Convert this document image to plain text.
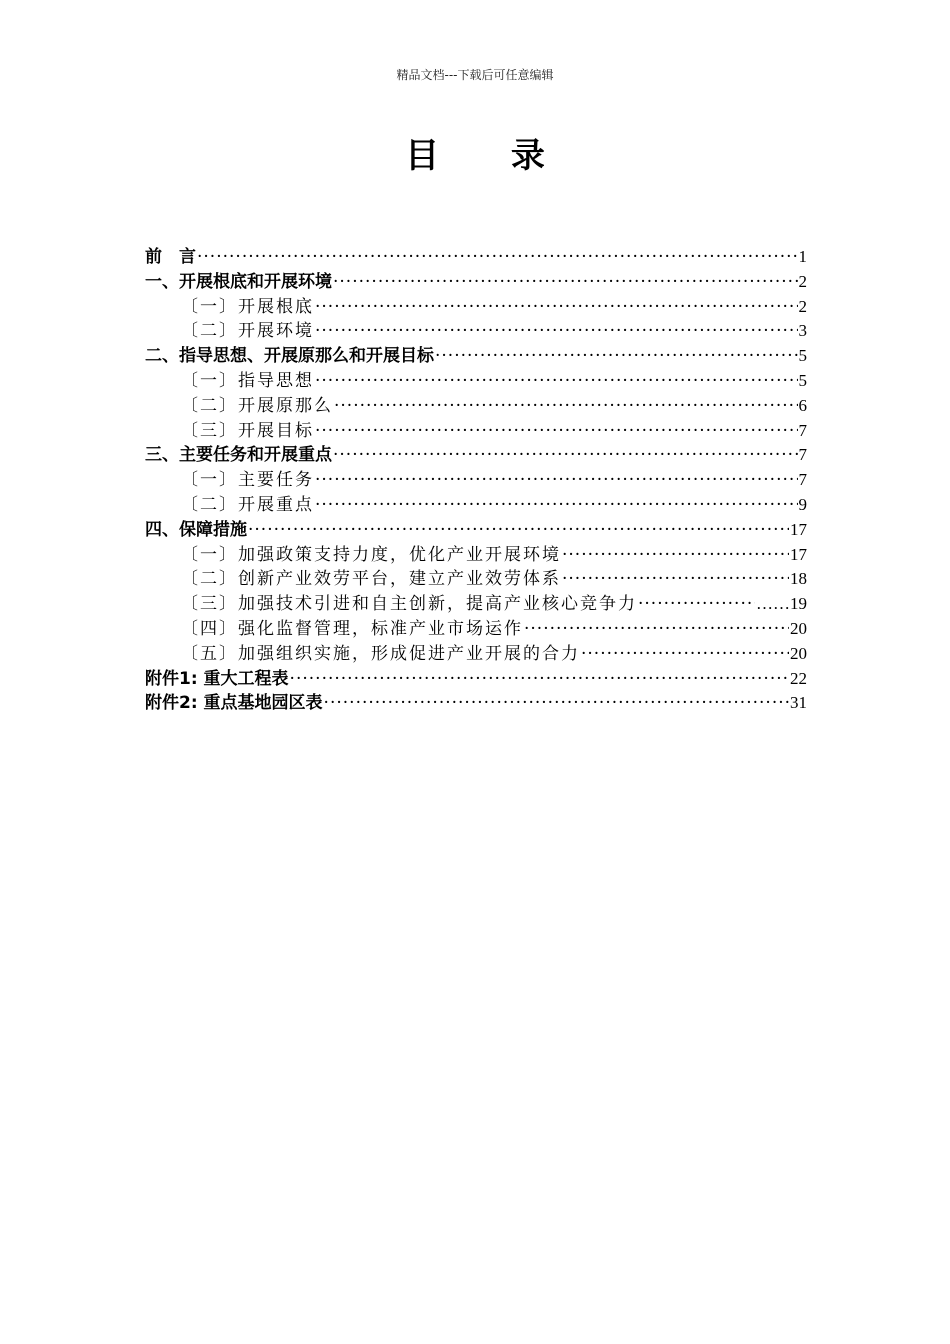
精品文档---下载后可任意编辑
目 录
前　言 ·····	1
一、开展根底和开展环境 ·····	2
〔一〕开展根底 ·····	2
〔二〕开展环境 ·····	3
二、指导思想、开展原那么和开展目标 ·····	5
〔一〕指导思想 ·····	5
〔二〕开展原那么 ·····	6
〔三〕开展目标 ·····	7
三、主要任务和开展重点 ·····	7
〔一〕主要任务 ·····	7
〔二〕开展重点 ·····	9
四、保障措施 ·····	17
〔一〕加强政策支持力度，优化产业开展环境 ·····	17
〔二〕创新产业效劳平台，建立产业效劳体系 ·····	18
〔三〕加强技术引进和自主创新，提高产业核心竞争力 ·····	……19
〔四〕强化监督管理，标准产业市场运作 ·····	20
〔五〕加强组织实施，形成促进产业开展的合力 ·····	20
附件1: 重大工程表 ·····	22
附件2: 重点基地园区表 ·····	31
